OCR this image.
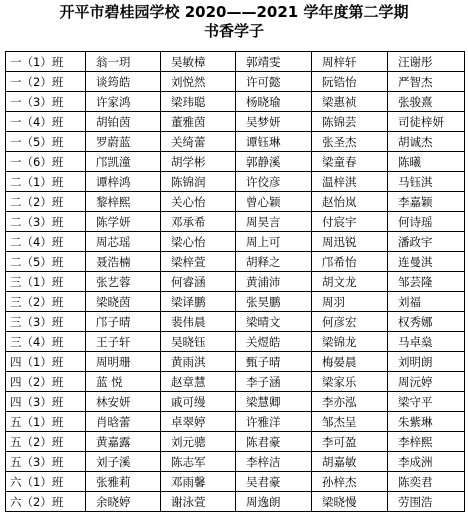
开平市碧桂园学校 2020——2021 学年度第二学期
书香学子
一（1）班	翁一玥	吴敏樟	郭靖雯	周梓轩	汪谢彤
一（2）班	谈筠皓	刘悦然	许可懿	阮锆怡	严智杰
一（3）班	许家鸿	梁玮聪	杨晓瑜	梁惠祯	张骏熹
一（4）班	胡铂茵	董雅茵	吴梦妍	陈锦芸	司徒梓妍
一（5）班	罗蔚蓝	关绮蕾	谭钰琳	张圣杰	胡诚杰
一（6）班	邝凯潼	胡学彬	郭静溪	梁童春	陈曦
二（1）班	谭梓鸿	陈锦润	许佼彦	温梓淇	马钰淇
二（2）班	黎梓熙	关心怡	曾心颖	赵怡岚	李嘉颖
二（3）班	陈学妍	邓承希	周昊言	付宸宇	何诗瑶
二（4）班	周芯瑶	梁心怡	周上可	周迅锐	潘政宇
二（5）班	聂浩楠	梁梓萱	胡释之	邝希怡	连曼淇
三（1）班	张艺蓉	何睿涵	黄浦沛	胡文龙	邹芸隆
三（2）班	梁晓茵	梁译鹏	张昊鹏	周羽	刘福
三（3）班	邝子晴	裴伟晨	梁晴文	何彦宏	权秀娜
三（4）班	王子轩	吴晓钰	关煜皓	梁锦龙	马卓燊
四（1）班	周明珊	黄雨淇	甄子晴	梅晏晨	刘明朗
四（2）班	蓝 悦	赵章慧	李子涵	梁家乐	周沅婷
四（3）班	林安妍	戚可缦	梁慧卿	李亦泓	梁守平
五（1）班	肖晗蕾	卓翠婷	许雅洋	邹杰呈	朱紫琳
五（2）班	黄嘉露	刘元骢	陈君豪	李可盈	李梓熙
五（3）班	刘子溪	陈志军	李梓洁	胡嘉敏	李成洲
六（1）班	张雅莉	邓雨馨	吴君豪	孙梓杰	陈奕君
六（2）班	余晓婷	谢泳萱	周逸朗	梁晓慢	劳围浩
